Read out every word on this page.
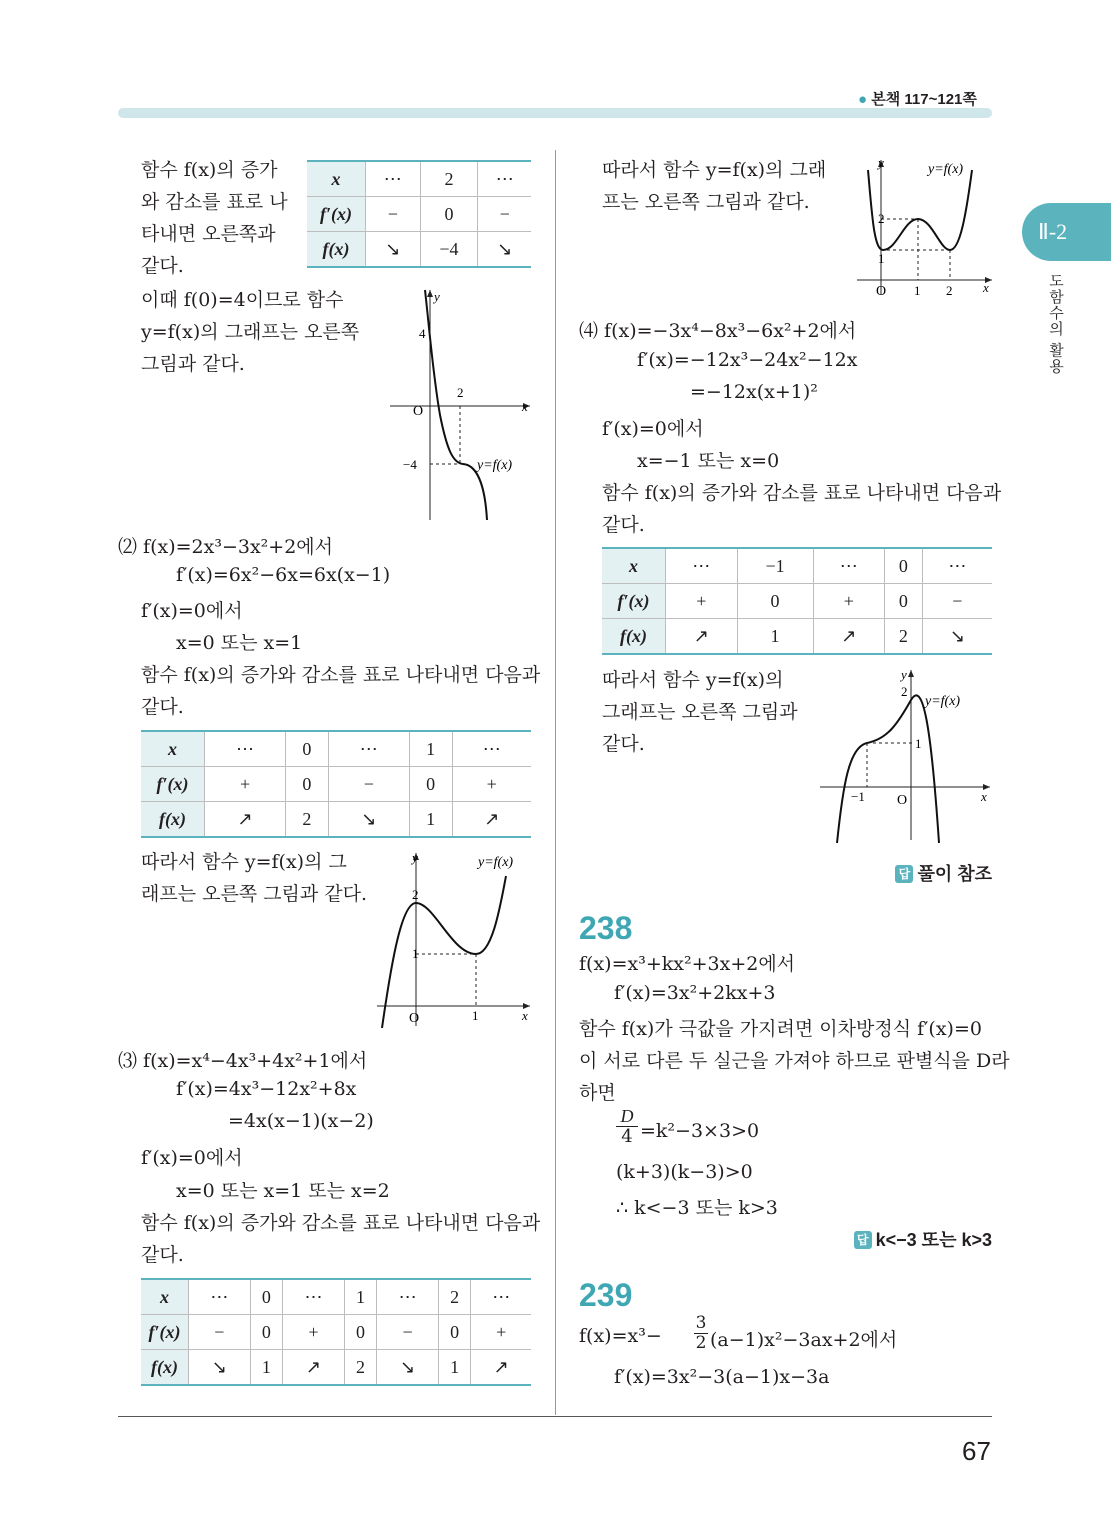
● 본책 117~121쪽
Ⅱ-2
도함수의 활용
함수 f(x)의 증가
와 감소를 표로 나
타내면 오른쪽과
같다.
x	⋯	2	⋯
f′(x)	−	0	−
f(x)	↘	−4	↘
이때 f(0)=4이므로 함수
y=f(x)의 그래프는 오른쪽
그림과 같다.
y
x
O
4
2
−4	y=f(x)
⑵ f(x)=2x³−3x²+2에서
f′(x)=6x²−6x=6x(x−1)
f′(x)=0에서
x=0 또는 x=1
함수 f(x)의 증가와 감소를 표로 나타내면 다음과
같다.
x	⋯	0	⋯	1	⋯
f′(x)	+	0	−	0	+
f(x)	↗	2	↘	1	↗
따라서 함수 y=f(x)의 그
래프는 오른쪽 그림과 같다.
y
x
O
2
1
1
y=f(x)
⑶ f(x)=x⁴−4x³+4x²+1에서
f′(x)=4x³−12x²+8x
=4x(x−1)(x−2)
f′(x)=0에서
x=0 또는 x=1 또는 x=2
함수 f(x)의 증가와 감소를 표로 나타내면 다음과
같다.
x	⋯	0	⋯	1	⋯	2	⋯
f′(x)	−	0	+	0	−	0	+
f(x)	↘	1	↗	2	↘	1	↗
따라서 함수 y=f(x)의 그래
프는 오른쪽 그림과 같다.
y
x
O
2
1
1 2
y=f(x)
⑷ f(x)=−3x⁴−8x³−6x²+2에서
f′(x)=−12x³−24x²−12x
=−12x(x+1)²
f′(x)=0에서
x=−1 또는 x=0
함수 f(x)의 증가와 감소를 표로 나타내면 다음과
같다.
x	⋯	−1	⋯	0	⋯
f′(x)	+	0	+	0	−
f(x)	↗	1	↗	2	↘
따라서 함수 y=f(x)의
그래프는 오른쪽 그림과
같다.
y
x
O
2
1
−1
y=f(x)
답 풀이 참조
238
f(x)=x³+kx²+3x+2에서
f′(x)=3x²+2kx+3
함수 f(x)가 극값을 가지려면 이차방정식 f′(x)=0
이 서로 다른 두 실근을 가져야 하므로 판별식을 D라
하면
D
4 =k²−3×3>0
(k+3)(k−3)>0
∴ k<−3 또는 k>3
답 k<−3 또는 k>3
239
f(x)=x³−
3
2 (a−1)x²−3ax+2에서
f′(x)=3x²−3(a−1)x−3a
67
